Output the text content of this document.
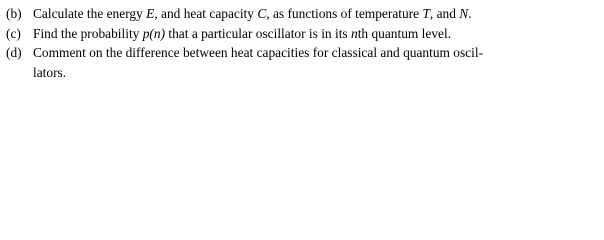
(b) Calculate the energy E, and heat capacity C, as functions of temperature T, and N.
(c) Find the probability p(n) that a particular oscillator is in its nth quantum level.
(d) Comment on the difference between heat capacities for classical and quantum oscil-
lators.
